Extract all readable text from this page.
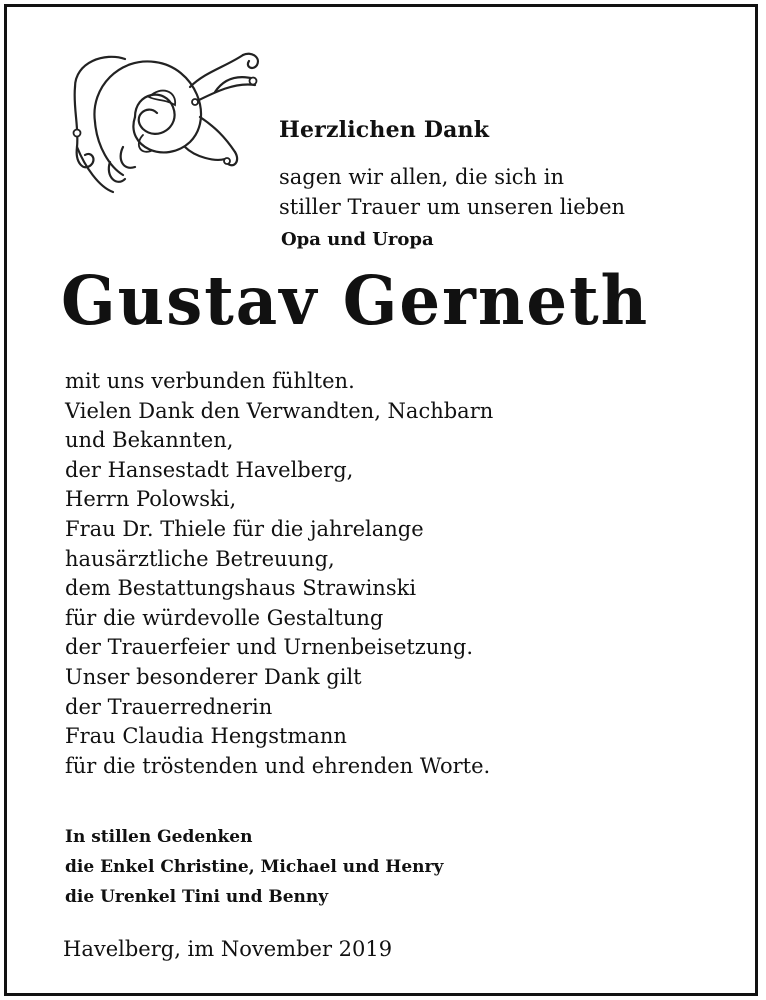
Herzlichen Dank
sagen wir allen, die sich in
stiller Trauer um unseren lieben
Opa und Uropa
Gustav Gerneth
mit uns verbunden fühlten.
Vielen Dank den Verwandten, Nachbarn
und Bekannten,
der Hansestadt Havelberg,
Herrn Polowski,
Frau Dr. Thiele für die jahrelange
hausärztliche Betreuung,
dem Bestattungshaus Strawinski
für die würdevolle Gestaltung
der Trauerfeier und Urnenbeisetzung.
Unser besonderer Dank gilt
der Trauerrednerin
Frau Claudia Hengstmann
für die tröstenden und ehrenden Worte.
In stillen Gedenken
die Enkel Christine, Michael und Henry
die Urenkel Tini und Benny
Havelberg, im November 2019
